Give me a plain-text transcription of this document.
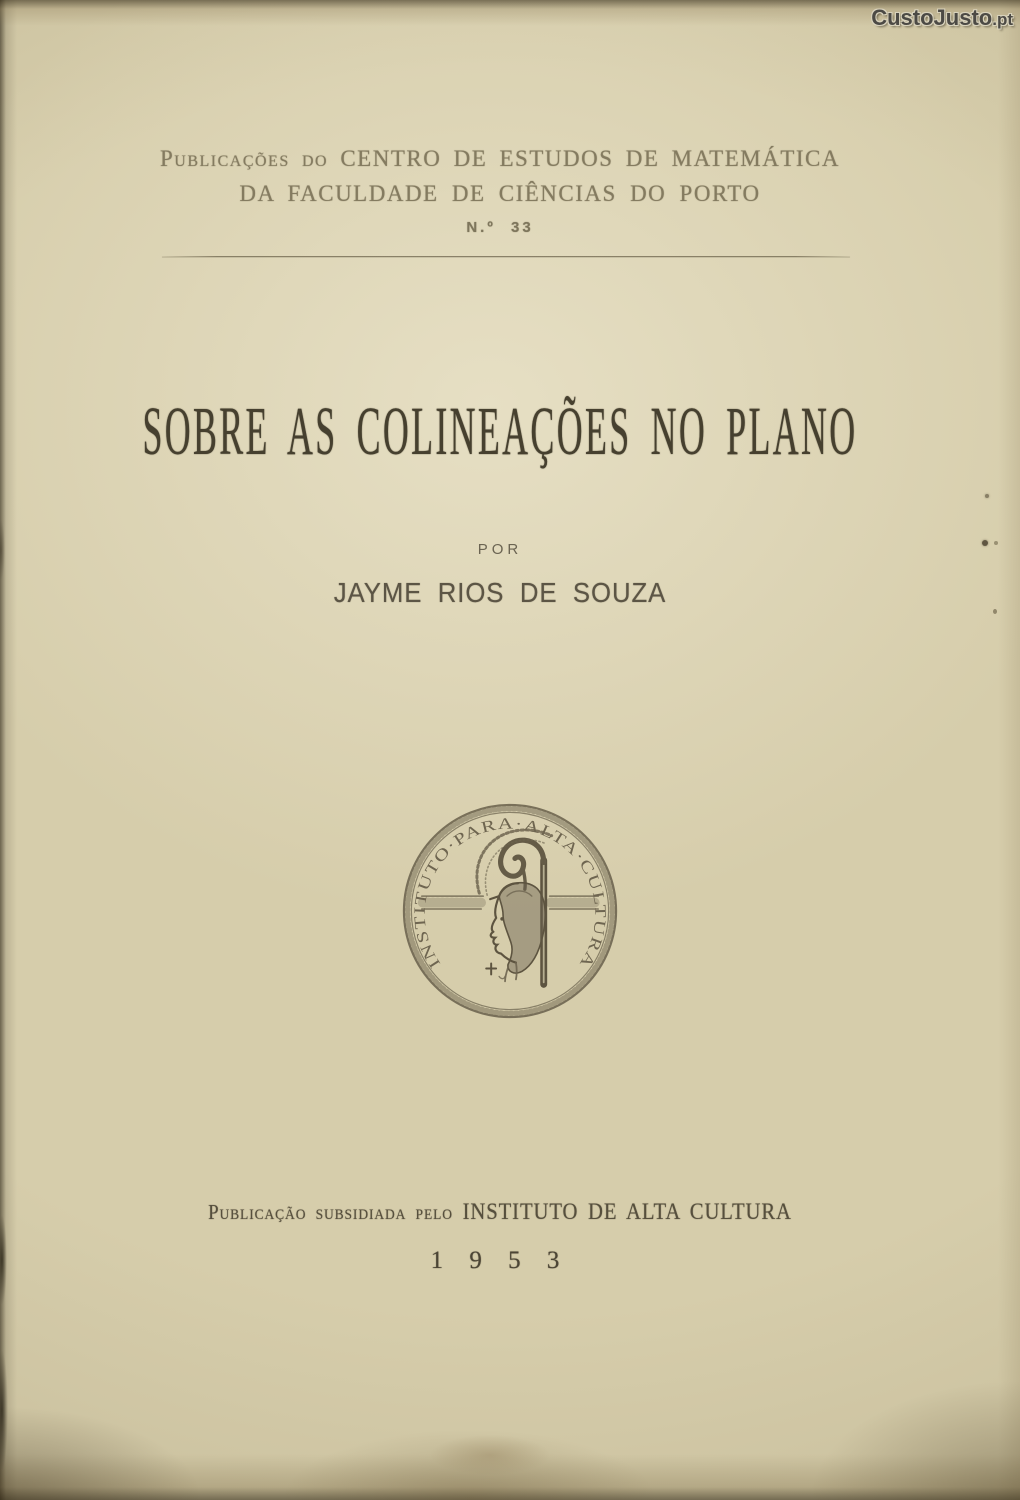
CustoJusto.pt
Publicações do CENTRO DE ESTUDOS DE MATEMÁTICA
DA FACULDADE DE CIÊNCIAS DO PORTO
N.º 33
SOBRE AS COLINEAÇÕES NO PLANO
POR
JAYME RIOS DE SOUZA
INSTITUTO·PARA·ALTA·CULTURA
Publicação subsidiada pelo INSTITUTO DE ALTA CULTURA
1 9 5 3
